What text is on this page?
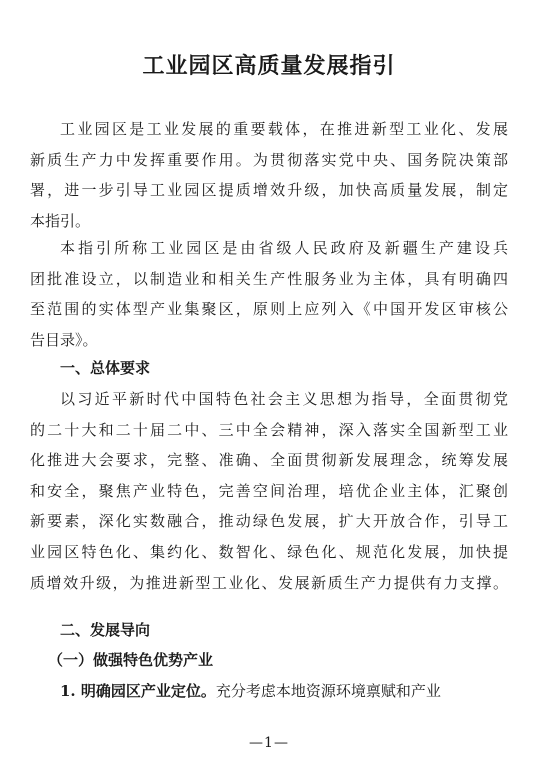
工业园区高质量发展指引
工业园区是工业发展的重要载体，在推进新型工业化、发展
新质生产力中发挥重要作用。为贯彻落实党中央、国务院决策部
署，进一步引导工业园区提质增效升级，加快高质量发展，制定
本指引。
本指引所称工业园区是由省级人民政府及新疆生产建设兵
团批准设立，以制造业和相关生产性服务业为主体，具有明确四
至范围的实体型产业集聚区，原则上应列入《中国开发区审核公
告目录》。
一、总体要求
以习近平新时代中国特色社会主义思想为指导，全面贯彻党
的二十大和二十届二中、三中全会精神，深入落实全国新型工业
化推进大会要求，完整、准确、全面贯彻新发展理念，统筹发展
和安全，聚焦产业特色，完善空间治理，培优企业主体，汇聚创
新要素，深化实数融合，推动绿色发展，扩大开放合作，引导工
业园区特色化、集约化、数智化、绿色化、规范化发展，加快提
质增效升级，为推进新型工业化、发展新质生产力提供有力支撑。
二、发展导向
（一）做强特色优势产业
1. 明确园区产业定位。充分考虑本地资源环境禀赋和产业
—1—
